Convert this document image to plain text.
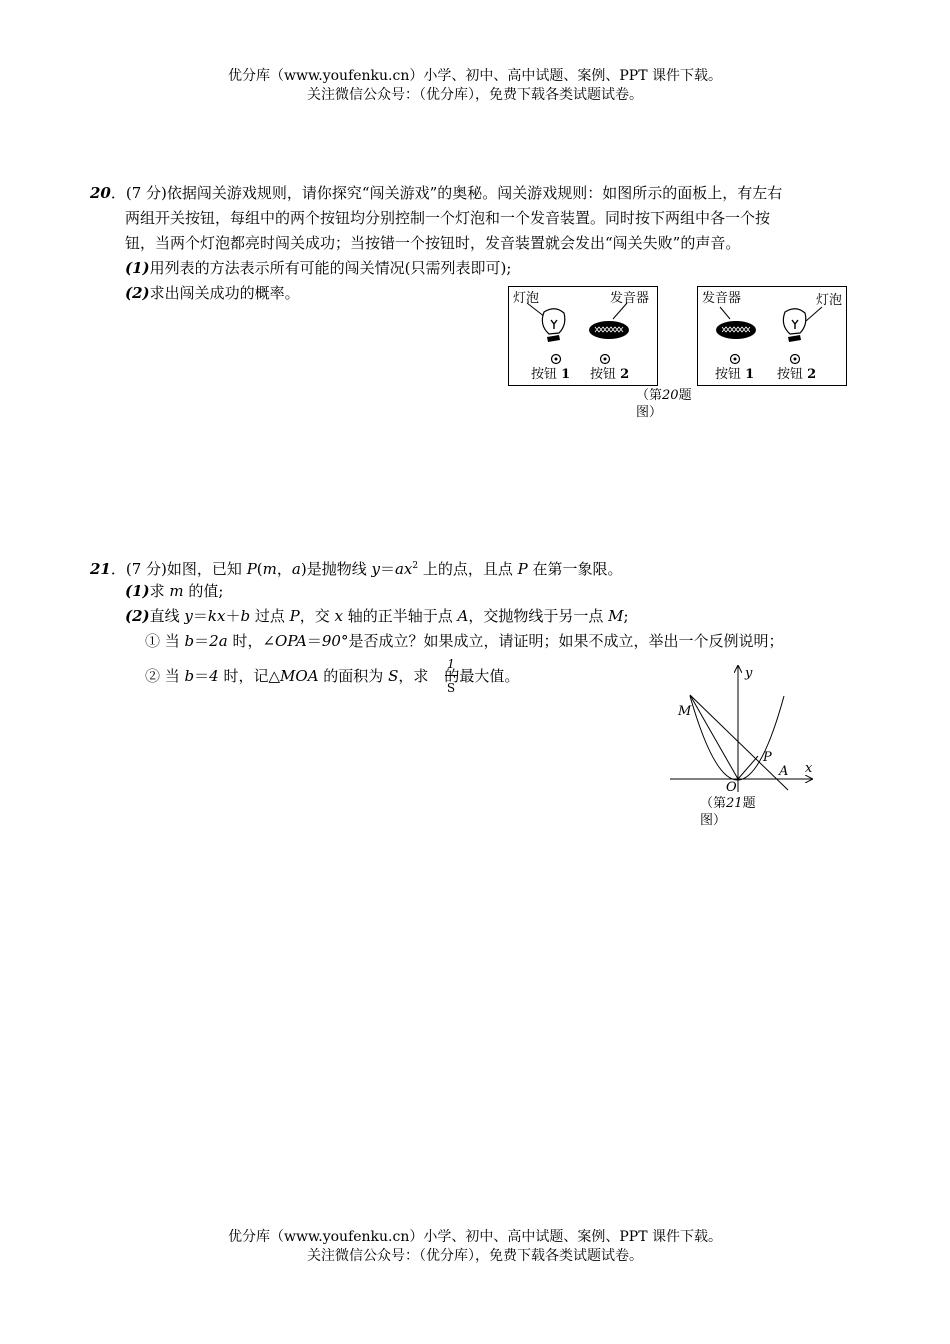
优分库（www.youfenku.cn）小学、初中、高中试题、案例、PPT 课件下载。
关注微信公众号：（优分库），免费下载各类试题试卷。
20．(7 分)依据闯关游戏规则，请你探究“闯关游戏”的奥秘。闯关游戏规则：如图所示的面板上，有左右
两组开关按钮，每组中的两个按钮均分别控制一个灯泡和一个发音装置。同时按下两组中各一个按
钮，当两个灯泡都亮时闯关成功；当按错一个按钮时，发音装置就会发出“闯关失败”的声音。
(1)用列表的方法表示所有可能的闯关情况(只需列表即可);
(2)求出闯关成功的概率。	灯泡	发音器
按钮 1 按钮 2
发音器	灯泡
按钮 1 按钮 2
（第20题
图）
21．(7 分)如图，已知 P(m，a)是抛物线 $y=ax^2$ 上的点，且点 P 在第一象限。
(1)求 m 的值;
(2)直线 y＝kx＋b 过点 P，交 x 轴的正半轴于点 A，交抛物线于另一点 M;
① 当 b＝2a 时，∠OPA＝90°是否成立？如果成立，请证明；如果不成立，举出一个反例说明；
② 当 b＝4 时，记△MOA 的面积为 S，求 的最大值。
1
S
y
x
O
M
P
A
（第21题
图）
优分库（www.youfenku.cn）小学、初中、高中试题、案例、PPT 课件下载。
关注微信公众号：（优分库），免费下载各类试题试卷。
